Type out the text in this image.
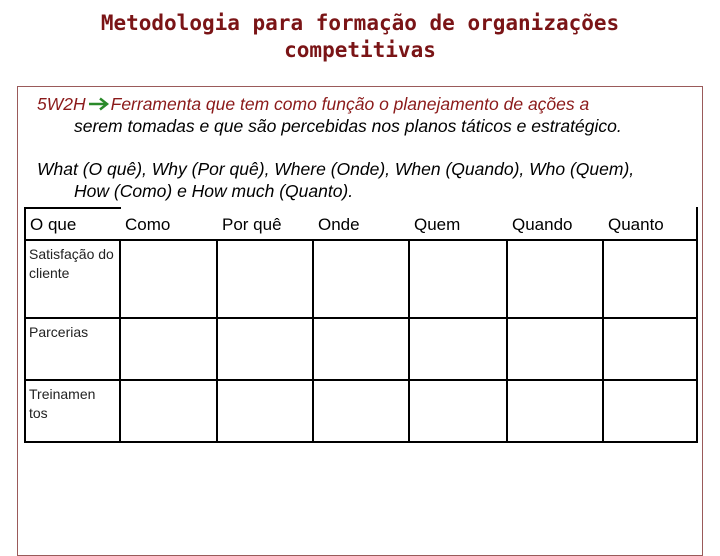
Metodologia para formação de organizações
competitivas
5W2H Ferramenta que tem como função o planejamento de ações a
serem tomadas e que são percebidas nos planos táticos e estratégico.
What (O quê), Why (Por quê), Where (Onde), When (Quando), Who (Quem),
How (Como) e How much (Quanto).
O que	Como	Por quê	Onde	Quem	Quando	Quanto
Satisfação do cliente						
Parcerias						
Treinamen tos						
